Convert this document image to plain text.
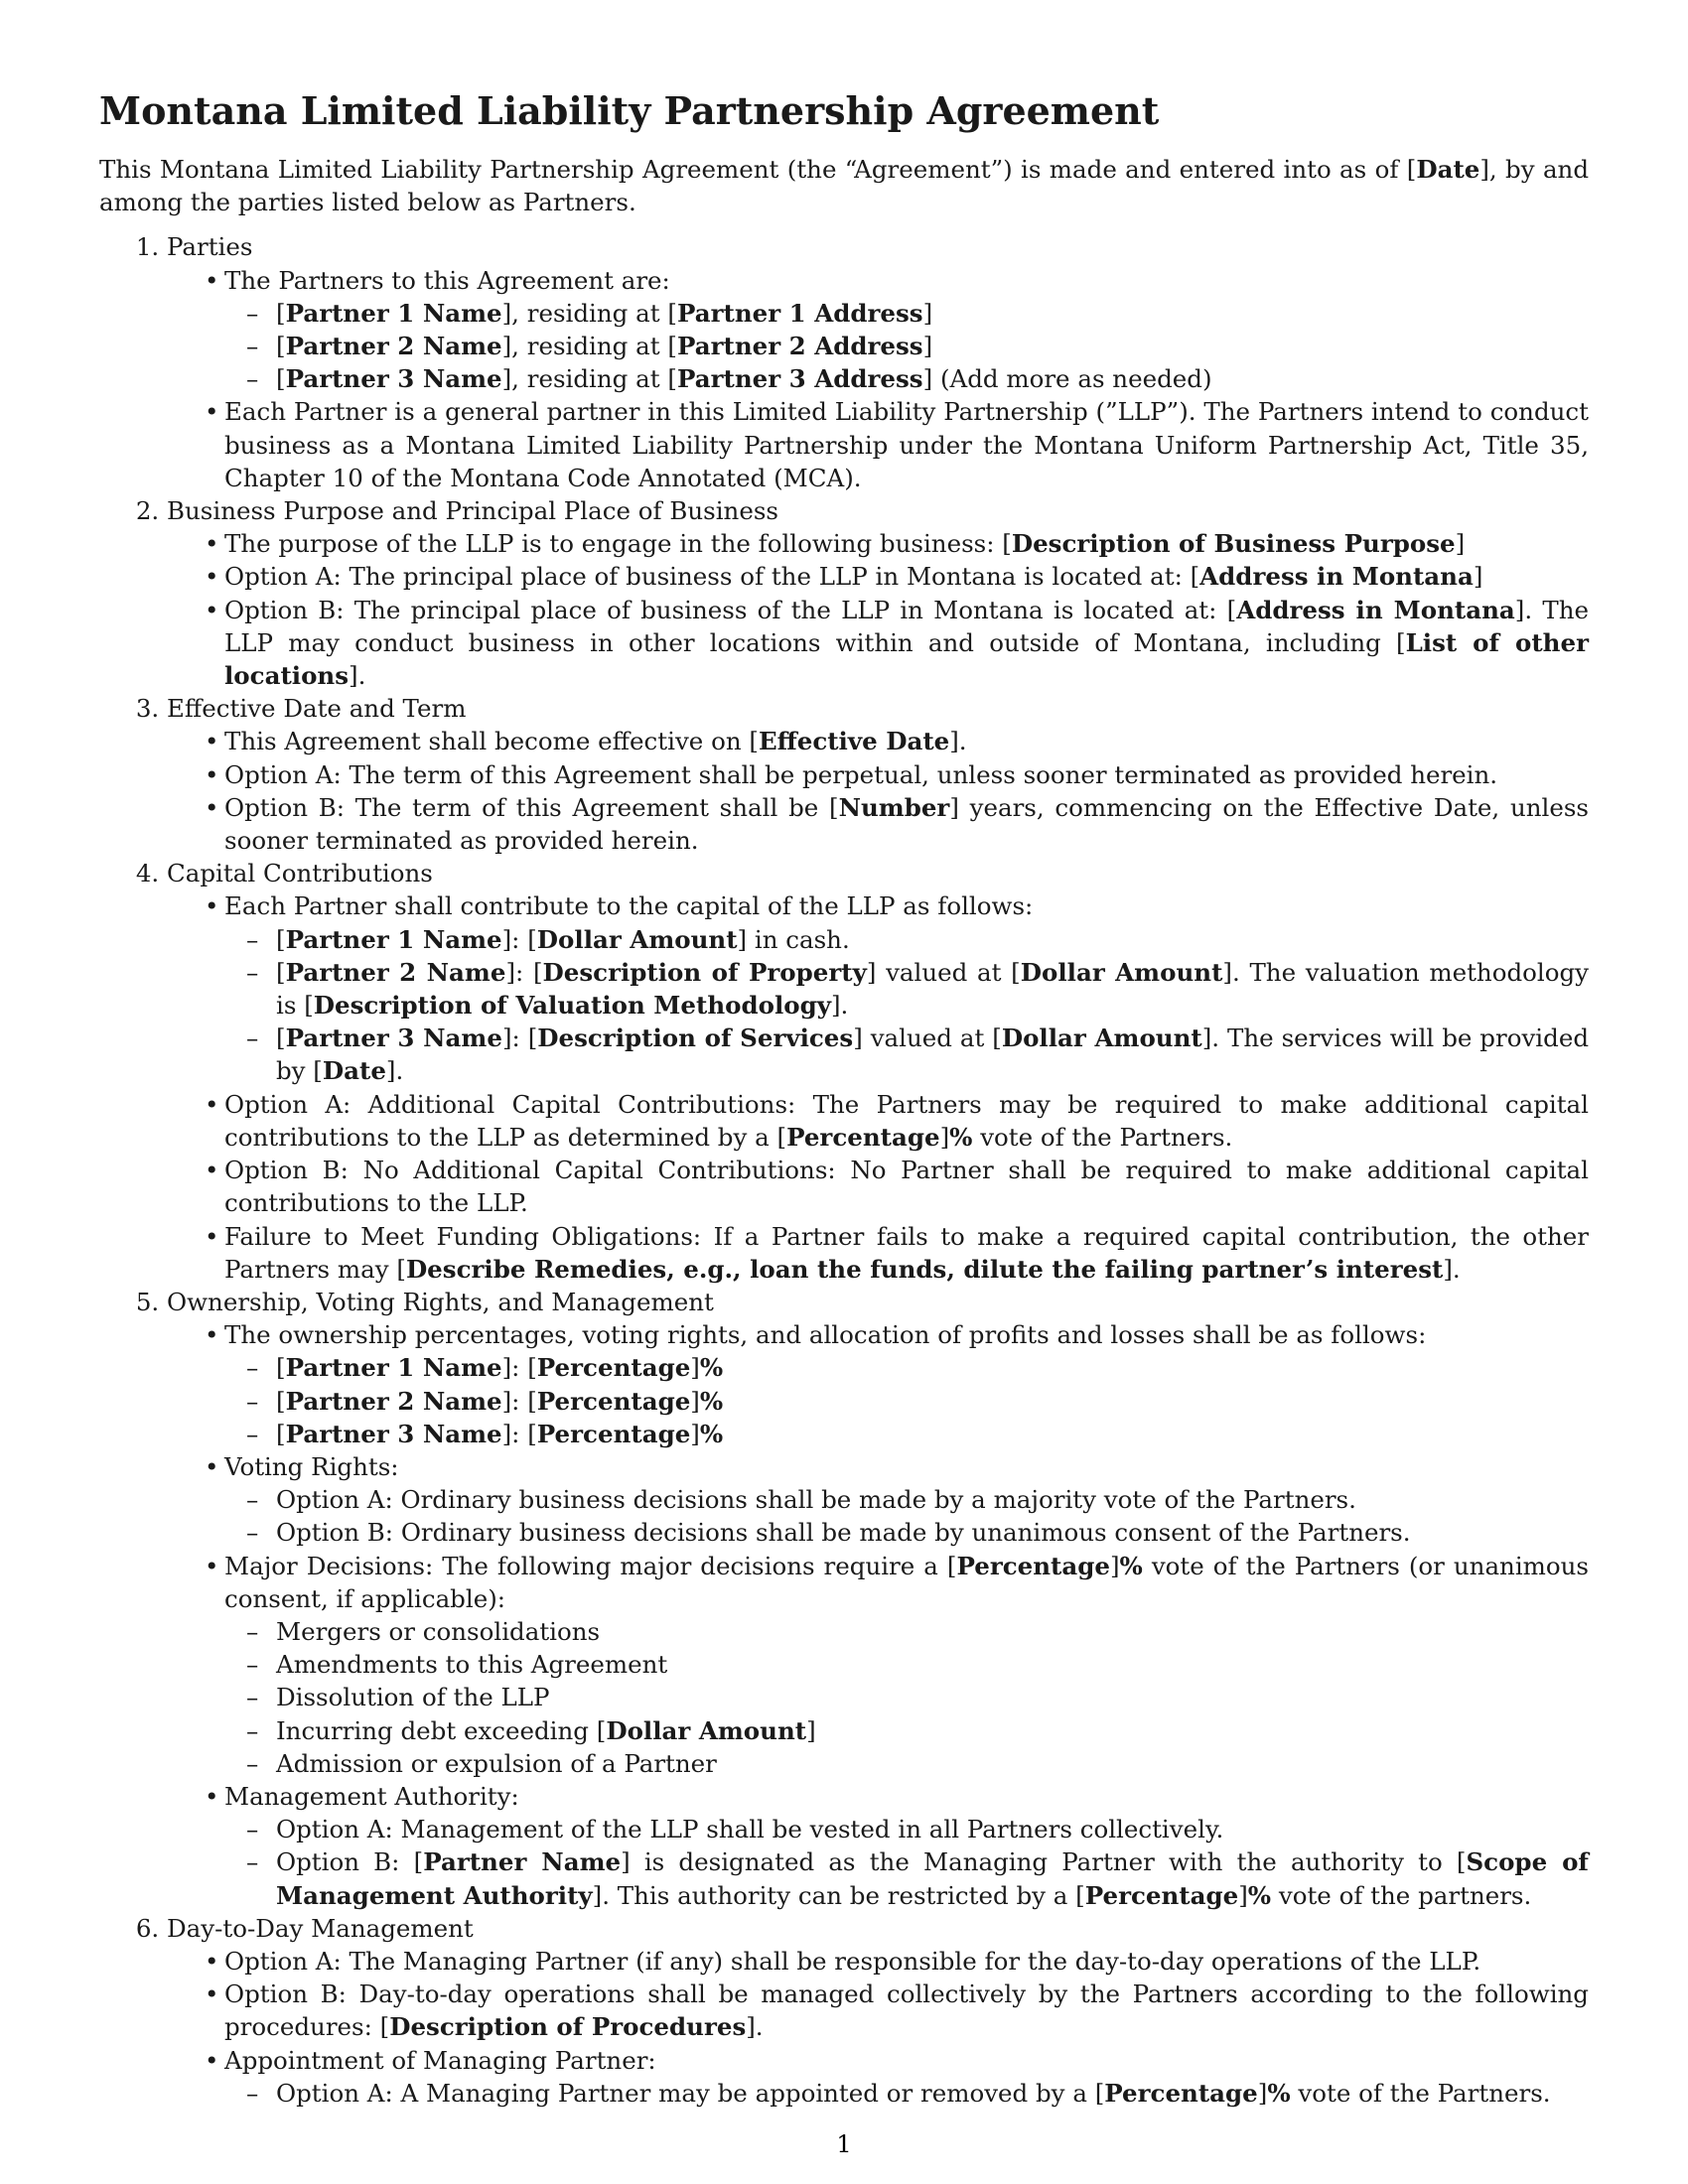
Montana Limited Liability Partnership Agreement

This Montana Limited Liability Partnership Agreement (the “Agreement”) is made and entered into as of [Date], by and among the parties listed below as Partners.

1. Parties
• The Partners to this Agreement are:
– [Partner 1 Name], residing at [Partner 1 Address]
– [Partner 2 Name], residing at [Partner 2 Address]
– [Partner 3 Name], residing at [Partner 3 Address] (Add more as needed)
• Each Partner is a general partner in this Limited Liability Partnership (”LLP”). The Partners intend to conduct business as a Montana Limited Liability Partnership under the Montana Uniform Partnership Act, Title 35, Chapter 10 of the Montana Code Annotated (MCA).
2. Business Purpose and Principal Place of Business
• The purpose of the LLP is to engage in the following business: [Description of Business Purpose]
• Option A: The principal place of business of the LLP in Montana is located at: [Address in Montana]
• Option B: The principal place of business of the LLP in Montana is located at: [Address in Montana]. The LLP may conduct business in other locations within and outside of Montana, including [List of other locations].
3. Effective Date and Term
• This Agreement shall become effective on [Effective Date].
• Option A: The term of this Agreement shall be perpetual, unless sooner terminated as provided herein.
• Option B: The term of this Agreement shall be [Number] years, commencing on the Effective Date, unless sooner terminated as provided herein.
4. Capital Contributions
• Each Partner shall contribute to the capital of the LLP as follows:
– [Partner 1 Name]: [Dollar Amount] in cash.
– [Partner 2 Name]: [Description of Property] valued at [Dollar Amount]. The valuation methodology is [Description of Valuation Methodology].
– [Partner 3 Name]: [Description of Services] valued at [Dollar Amount]. The services will be provided by [Date].
• Option A: Additional Capital Contributions: The Partners may be required to make additional capital contributions to the LLP as determined by a [Percentage]% vote of the Partners.
• Option B: No Additional Capital Contributions: No Partner shall be required to make additional capital contributions to the LLP.
• Failure to Meet Funding Obligations: If a Partner fails to make a required capital contribution, the other Partners may [Describe Remedies, e.g., loan the funds, dilute the failing partner’s interest].
5. Ownership, Voting Rights, and Management
• The ownership percentages, voting rights, and allocation of profits and losses shall be as follows:
– [Partner 1 Name]: [Percentage]%
– [Partner 2 Name]: [Percentage]%
– [Partner 3 Name]: [Percentage]%
• Voting Rights:
– Option A: Ordinary business decisions shall be made by a majority vote of the Partners.
– Option B: Ordinary business decisions shall be made by unanimous consent of the Partners.
• Major Decisions: The following major decisions require a [Percentage]% vote of the Partners (or unanimous consent, if applicable):
– Mergers or consolidations
– Amendments to this Agreement
– Dissolution of the LLP
– Incurring debt exceeding [Dollar Amount]
– Admission or expulsion of a Partner
• Management Authority:
– Option A: Management of the LLP shall be vested in all Partners collectively.
– Option B: [Partner Name] is designated as the Managing Partner with the authority to [Scope of Management Authority]. This authority can be restricted by a [Percentage]% vote of the partners.
6. Day-to-Day Management
• Option A: The Managing Partner (if any) shall be responsible for the day-to-day operations of the LLP.
• Option B: Day-to-day operations shall be managed collectively by the Partners according to the following procedures: [Description of Procedures].
• Appointment of Managing Partner:
– Option A: A Managing Partner may be appointed or removed by a [Percentage]% vote of the Partners.
1
